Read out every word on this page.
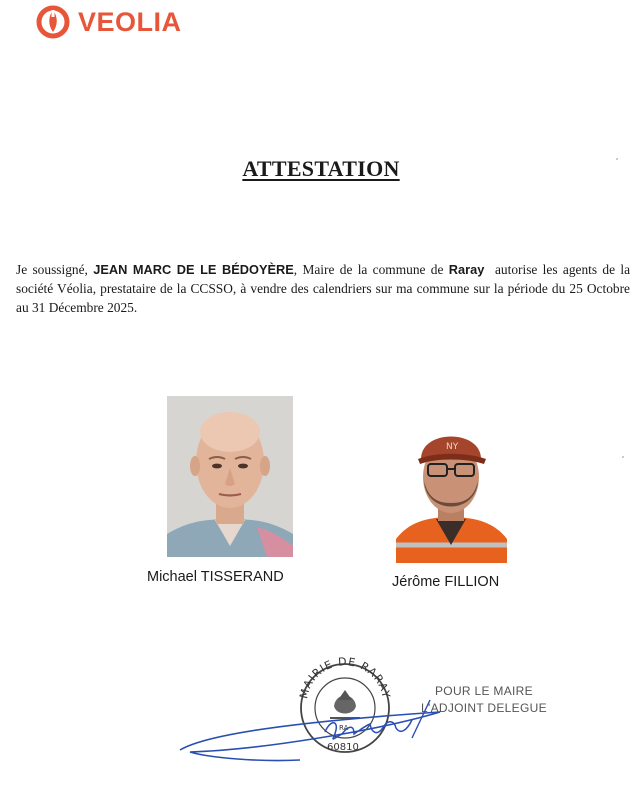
VEOLIA
ATTESTATION
Je soussigné, JEAN MARC DE LE BÉDOYÈRE, Maire de la commune de Raray autorise les agents de la société Véolia, prestataire de la CCSSO, à vendre des calendriers sur ma commune sur la période du 25 Octobre au 31 Décembre 2025.
NY
Michael TISSERAND	Jérôme FILLION
MAIRIE DE RARAY
RA
60810
POUR LE MAIRE
L'ADJOINT DELEGUE
